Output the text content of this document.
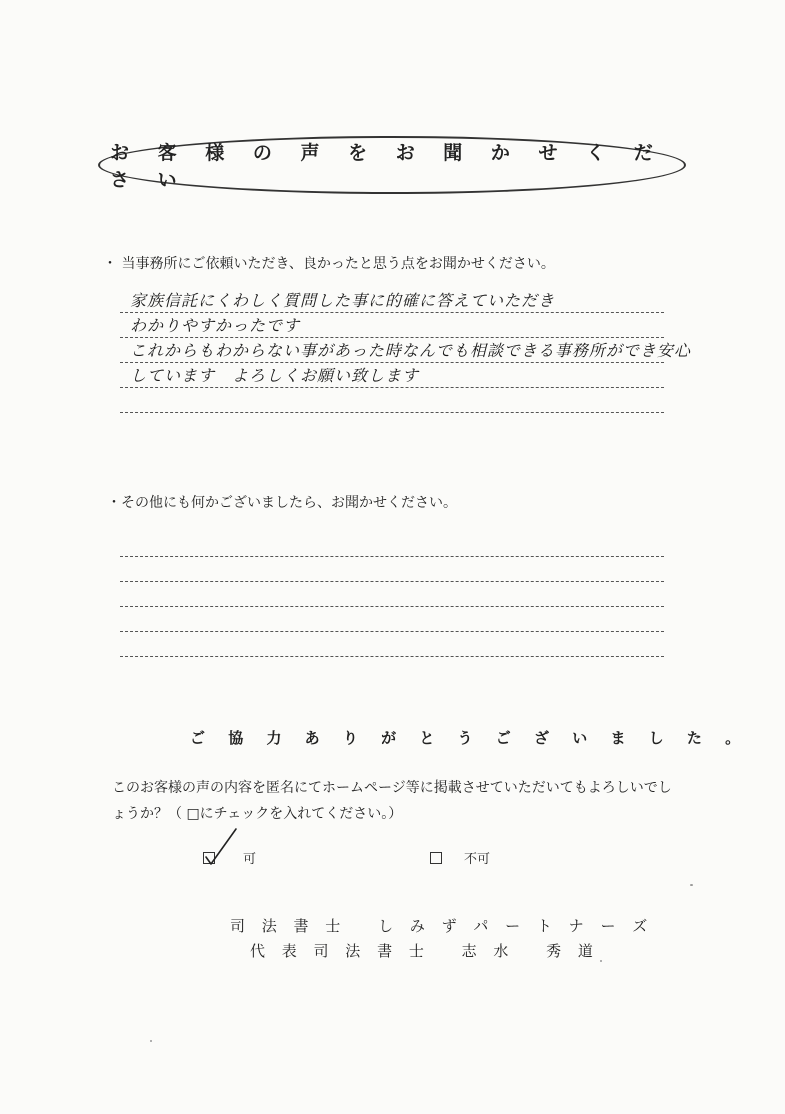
お 客 様 の 声 を お 聞 か せ く だ さ い
・ 当事務所にご依頼いただき、良かったと思う点をお聞かせください。
家族信託にくわしく質問した事に的確に答えていただき
わかりやすかったです
これからもわからない事があった時なんでも相談できる事務所ができ安心
しています　よろしくお願い致します
・その他にも何かございましたら、お聞かせください。
ご 協 力 あ り が と う ご ざ い ま し た 。
このお客様の声の内容を匿名にてホームページ等に掲載させていただいてもよろしいでしょうか？（ □にチェックを入れてください。）
可	不可
司 法 書 士　 し み ず パ ー ト ナ ー ズ
代 表 司 法 書 士　 志 水　 秀 道
